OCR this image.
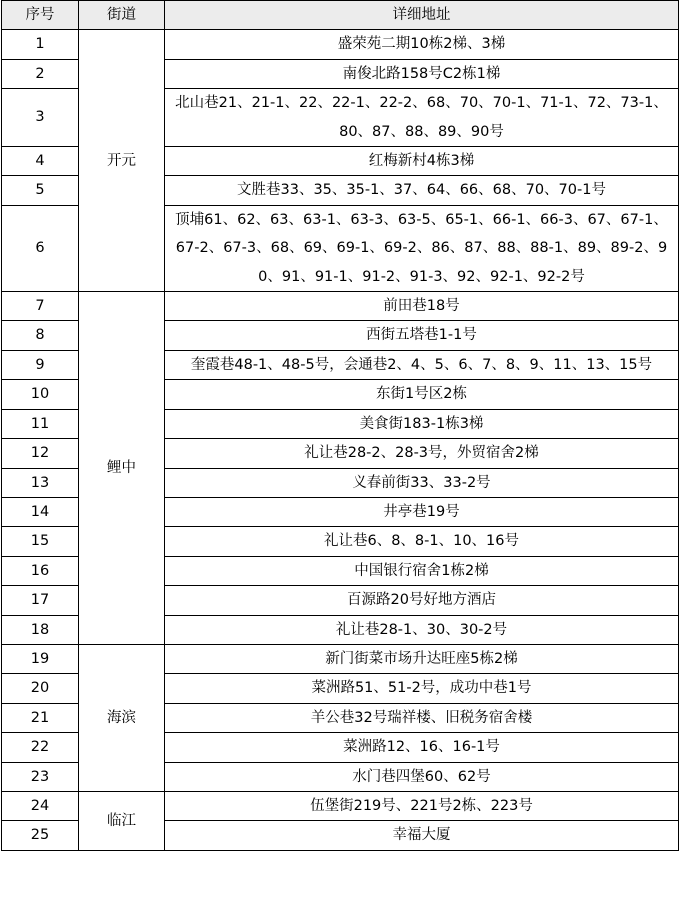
序号	街道	详细地址
1	开元	盛荣苑二期10栋2梯、3梯
2		南俊北路158号C2栋1梯
3		北山巷21、21-1、22、22-1、22-2、68、70、70-1、71-1、72、73-1、80、87、88、89、90号
4		红梅新村4栋3梯
5		文胜巷33、35、35-1、37、64、66、68、70、70-1号
6		顶埔61、62、63、63-1、63-3、63-5、65-1、66-1、66-3、67、67-1、67-2、67-3、68、69、69-1、69-2、86、87、88、88-1、89、89-2、90、91、91-1、91-2、91-3、92、92-1、92-2号
7	鲤中	前田巷18号
8		西街五塔巷1-1号
9		奎霞巷48-1、48-5号，会通巷2、4、5、6、7、8、9、11、13、15号
10		东街1号区2栋
11		美食街183-1栋3梯
12		礼让巷28-2、28-3号，外贸宿舍2梯
13		义春前街33、33-2号
14		井亭巷19号
15		礼让巷6、8、8-1、10、16号
16		中国银行宿舍1栋2梯
17		百源路20号好地方酒店
18		礼让巷28-1、30、30-2号
19	海滨	新门街菜市场升达旺座5栋2梯
20		菜洲路51、51-2号，成功中巷1号
21		羊公巷32号瑞祥楼、旧税务宿舍楼
22		菜洲路12、16、16-1号
23		水门巷四堡60、62号
24	临江	伍堡街219号、221号2栋、223号
25		幸福大厦
